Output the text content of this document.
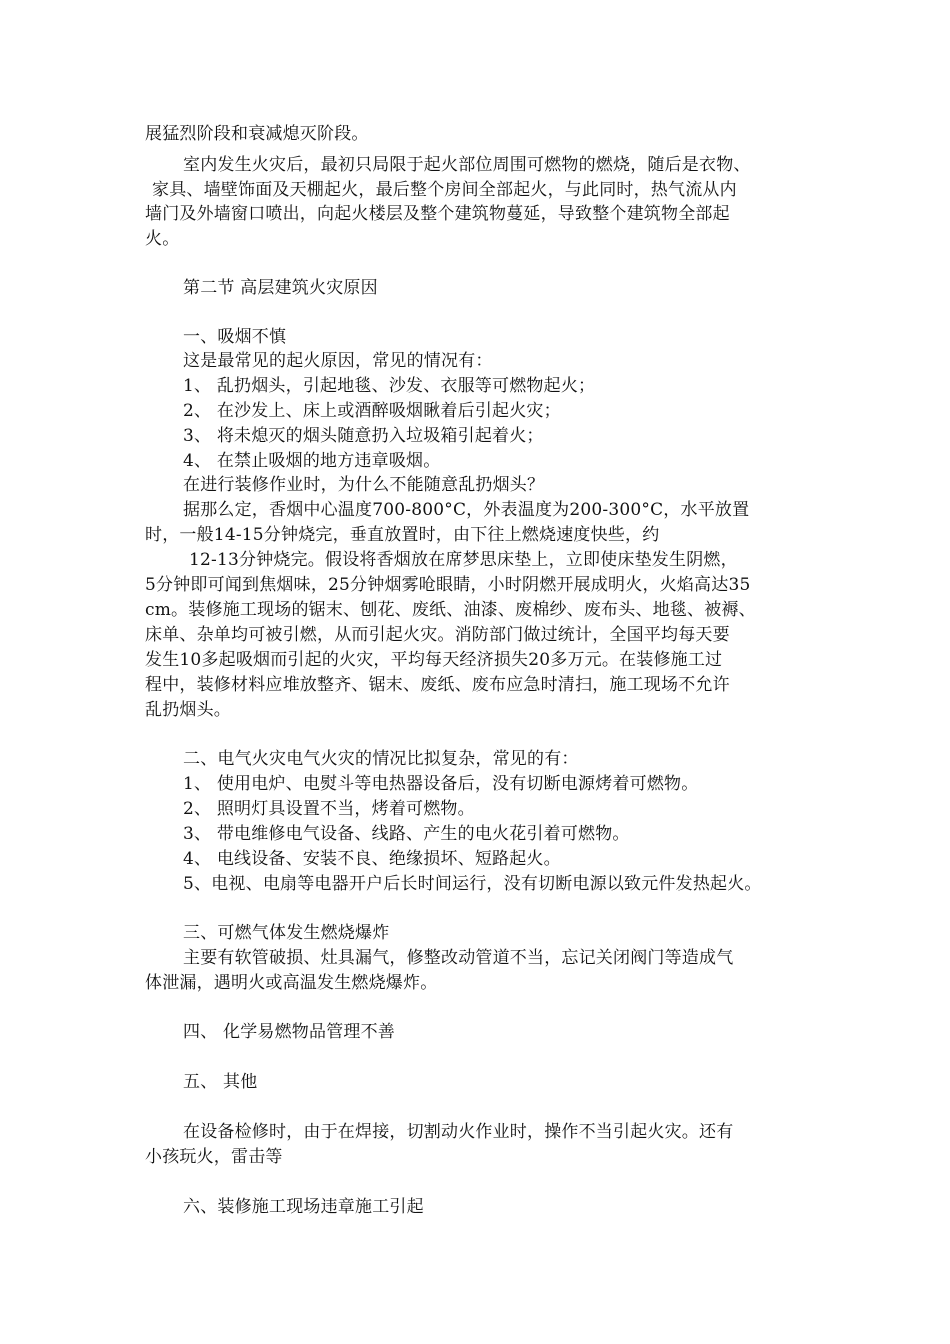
展猛烈阶段和衰减熄灭阶段。
室内发生火灾后，最初只局限于起火部位周围可燃物的燃烧，随后是衣物、
家具、墙壁饰面及天棚起火，最后整个房间全部起火，与此同时，热气流从内
墙门及外墙窗口喷出，向起火楼层及整个建筑物蔓延，导致整个建筑物全部起
火。
第二节 高层建筑火灾原因
一、吸烟不慎
这是最常见的起火原因，常见的情况有：
1、 乱扔烟头，引起地毯、沙发、衣服等可燃物起火；
2、 在沙发上、床上或酒醉吸烟瞅着后引起火灾；
3、 将未熄灭的烟头随意扔入垃圾箱引起着火；
4、 在禁止吸烟的地方违章吸烟。
在进行装修作业时，为什么不能随意乱扔烟头？
据那么定，香烟中心温度700-800°C，外表温度为200-300°C，水平放置
时，一般14-15分钟烧完，垂直放置时，由下往上燃烧速度快些，约
12-13分钟烧完。假设将香烟放在席梦思床垫上，立即使床垫发生阴燃，
5分钟即可闻到焦烟味，25分钟烟雾呛眼睛，小时阴燃开展成明火，火焰高达35
cm。装修施工现场的锯末、刨花、废纸、油漆、废棉纱、废布头、地毯、被褥、
床单、杂单均可被引燃，从而引起火灾。消防部门做过统计，全国平均每天要
发生10多起吸烟而引起的火灾，平均每天经济损失20多万元。在装修施工过
程中，装修材料应堆放整齐、锯末、废纸、废布应急时清扫，施工现场不允许
乱扔烟头。
二、电气火灾电气火灾的情况比拟复杂，常见的有：
1、 使用电炉、电熨斗等电热器设备后，没有切断电源烤着可燃物。
2、 照明灯具设置不当，烤着可燃物。
3、 带电维修电气设备、线路、产生的电火花引着可燃物。
4、 电线设备、安装不良、绝缘损坏、短路起火。
5、电视、电扇等电器开户后长时间运行，没有切断电源以致元件发热起火。
三、可燃气体发生燃烧爆炸
主要有软管破损、灶具漏气，修整改动管道不当，忘记关闭阀门等造成气
体泄漏，遇明火或高温发生燃烧爆炸。
四、 化学易燃物品管理不善
五、 其他
在设备检修时，由于在焊接，切割动火作业时，操作不当引起火灾。还有
小孩玩火，雷击等
六、装修施工现场违章施工引起
